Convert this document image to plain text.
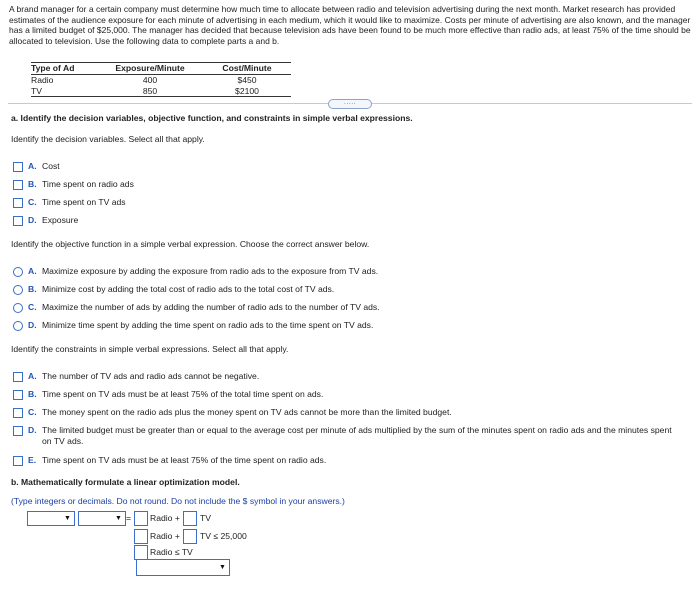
A brand manager for a certain company must determine how much time to allocate between radio and television advertising during the next month. Market research has provided estimates of the audience exposure for each minute of advertising in each medium, which it would like to maximize. Costs per minute of advertising are also known, and the manager has a limited budget of $25,000. The manager has decided that because television ads have been found to be much more effective than radio ads, at least 75% of the time should be allocated to television. Use the following data to complete parts a and b.
Type of Ad	Exposure/Minute	Cost/Minute
Radio	400	$450
TV	850	$2100
.....
a. Identify the decision variables, objective function, and constraints in simple verbal expressions.
Identify the decision variables. Select all that apply.
A. Cost
B. Time spent on radio ads
C. Time spent on TV ads
D. Exposure
Identify the objective function in a simple verbal expression. Choose the correct answer below.
A. Maximize exposure by adding the exposure from radio ads to the exposure from TV ads.
B. Minimize cost by adding the total cost of radio ads to the total cost of TV ads.
C. Maximize the number of ads by adding the number of radio ads to the number of TV ads.
D. Minimize time spent by adding the time spent on radio ads to the time spent on TV ads.
Identify the constraints in simple verbal expressions. Select all that apply.
A. The number of TV ads and radio ads cannot be negative.
B. Time spent on TV ads must be at least 75% of the total time spent on ads.
C. The money spent on the radio ads plus the money spent on TV ads cannot be more than the limited budget.
D. The limited budget must be greater than or equal to the average cost per minute of ads multiplied by the sum of the minutes spent on radio ads and the minutes spent on TV ads.
E. Time spent on TV ads must be at least 75% of the time spent on radio ads.
b. Mathematically formulate a linear optimization model.
(Type integers or decimals. Do not round. Do not include the $ symbol in your answers.)
▼	▼ = Radio + TV
Radio + TV ≤ 25,000
Radio ≤ TV
▼
